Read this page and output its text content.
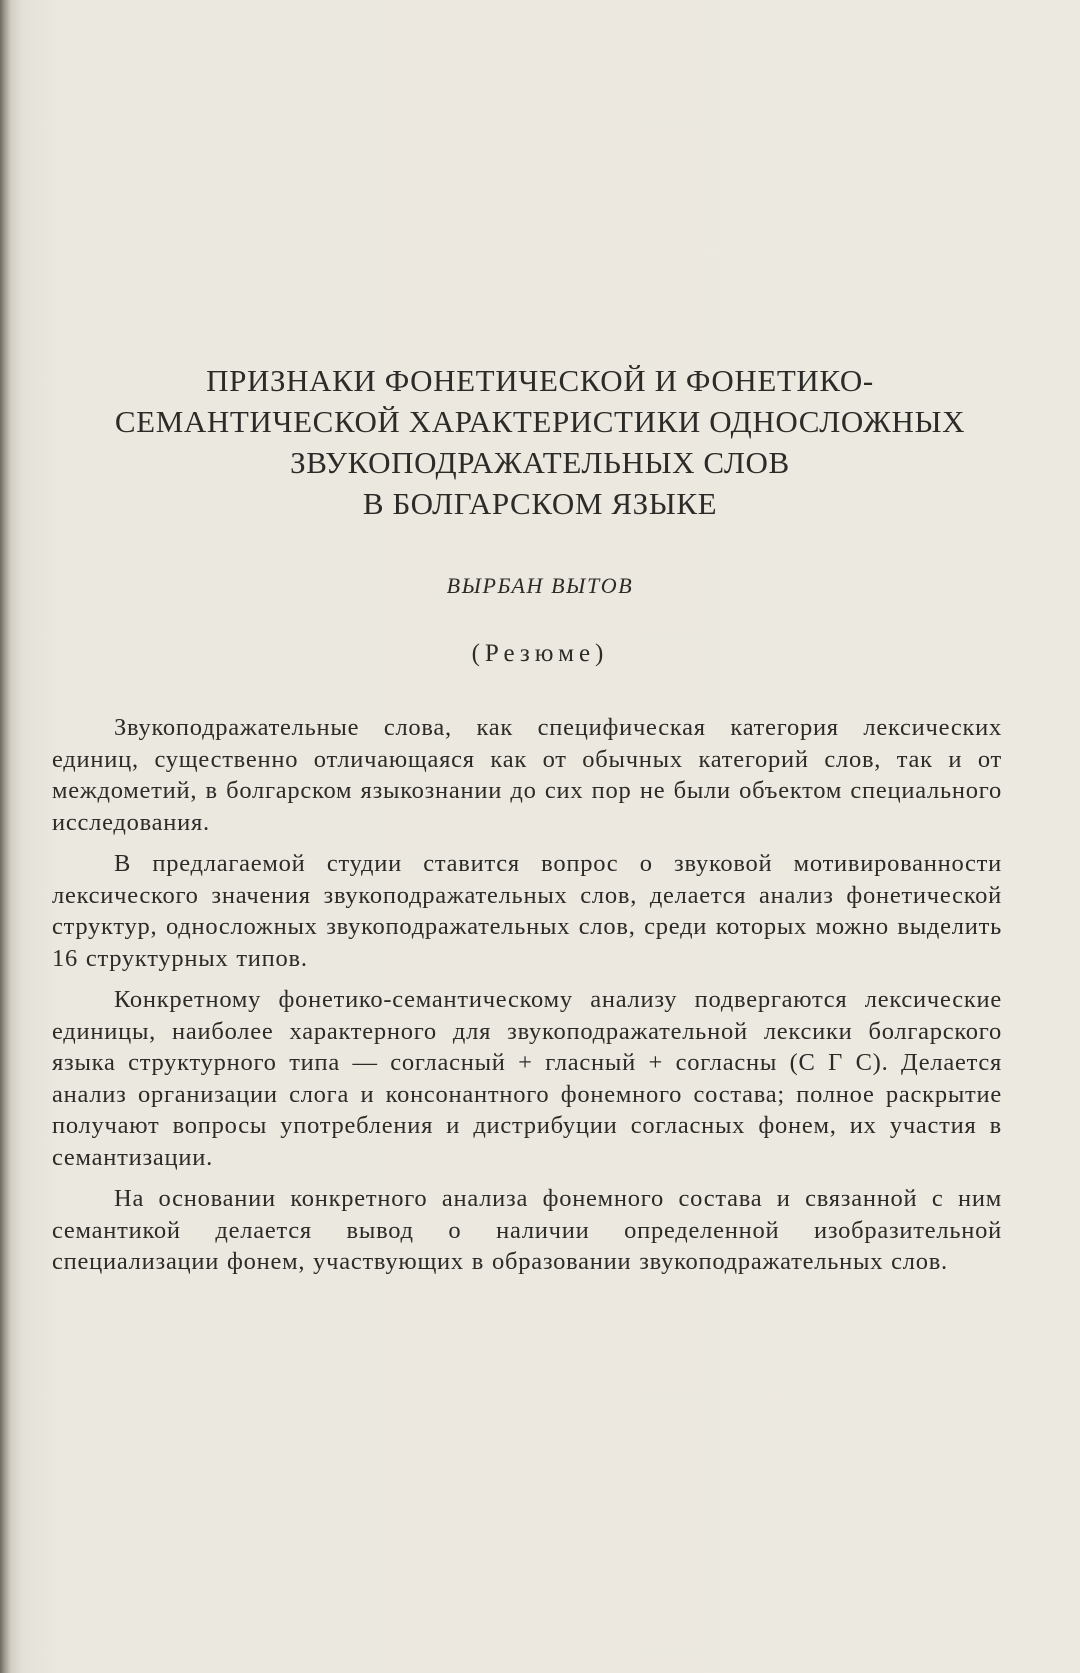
ПРИЗНАКИ ФОНЕТИЧЕСКОЙ И ФОНЕТИКО-
СЕМАНТИЧЕСКОЙ ХАРАКТЕРИСТИКИ ОДНОСЛОЖНЫХ
ЗВУКОПОДРАЖАТЕЛЬНЫХ СЛОВ
В БОЛГАРСКОМ ЯЗЫКЕ
ВЫРБАН ВЫТОВ
(Резюме)

Звукоподражательные слова, как специфическая категория лексических единиц, существенно отличающаяся как от обычных категорий слов, так и от междометий, в болгарском языкознании до сих пор не были объектом специального исследования.

В предлагаемой студии ставится вопрос о звуковой мотивированности лексического значения звукоподражательных слов, делается анализ фонетической структур, односложных звукоподражательных слов, среди которых можно выделить 16 структурных типов.

Конкретному фонетико-семантическому анализу подвергаются лексические единицы, наиболее характерного для звукоподражательной лексики болгарского языка структурного типа — согласный + гласный + согласны (С Г С). Делается анализ организации слога и консонантного фонемного состава; полное раскрытие получают вопросы употребления и дистрибуции согласных фонем, их участия в семантизации.

На основании конкретного анализа фонемного состава и связанной с ним семантикой делается вывод о наличии определенной изобразительной специализации фонем, участвующих в образовании звукоподражательных слов.
